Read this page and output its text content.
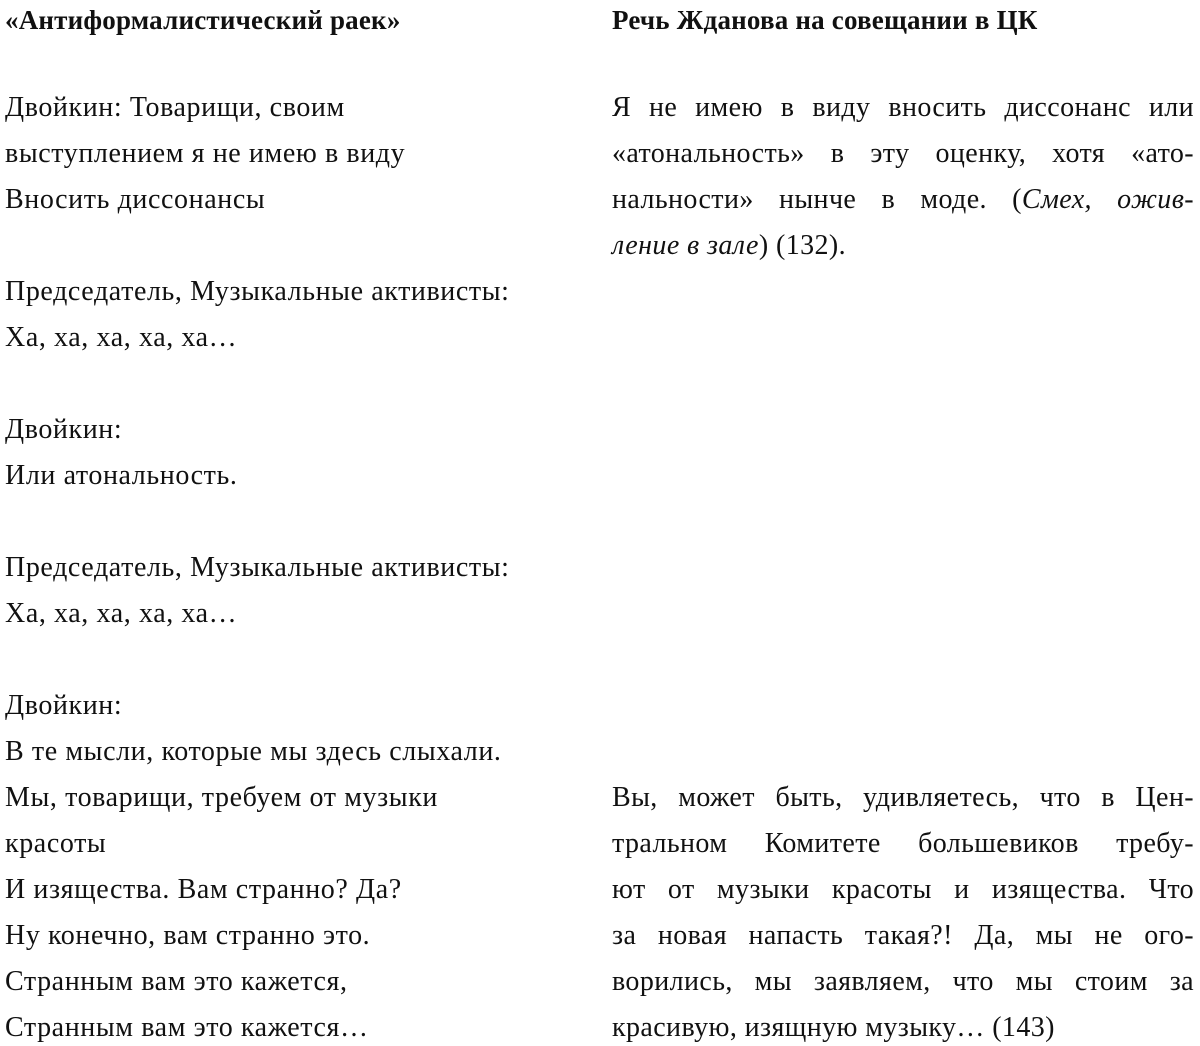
«Антиформалистический раек»
Двойкин: Товарищи, своим
выступлением я не имею в виду
Вносить диссонансы
Председатель, Музыкальные активисты:
Ха, ха, ха, ха, ха…
Двойкин:
Или атональность.
Председатель, Музыкальные активисты:
Ха, ха, ха, ха, ха…
Двойкин:
В те мысли, которые мы здесь слыхали.
Мы, товарищи, требуем от музыки
красоты
И изящества. Вам странно? Да?
Ну конечно, вам странно это.
Странным вам это кажется,
Странным вам это кажется…
Речь Жданова на совещании в ЦК
Я не имею в виду вносить диссонанс или
«атональность» в эту оценку, хотя «ато-
нальности» нынче в моде. (Смех, ожив-
ление в зале) (132).
Вы, может быть, удивляетесь, что в Цен-
тральном Комитете большевиков требу-
ют от музыки красоты и изящества. Что
за новая напасть такая?! Да, мы не ого-
ворились, мы заявляем, что мы стоим за
красивую, изящную музыку… (143)
